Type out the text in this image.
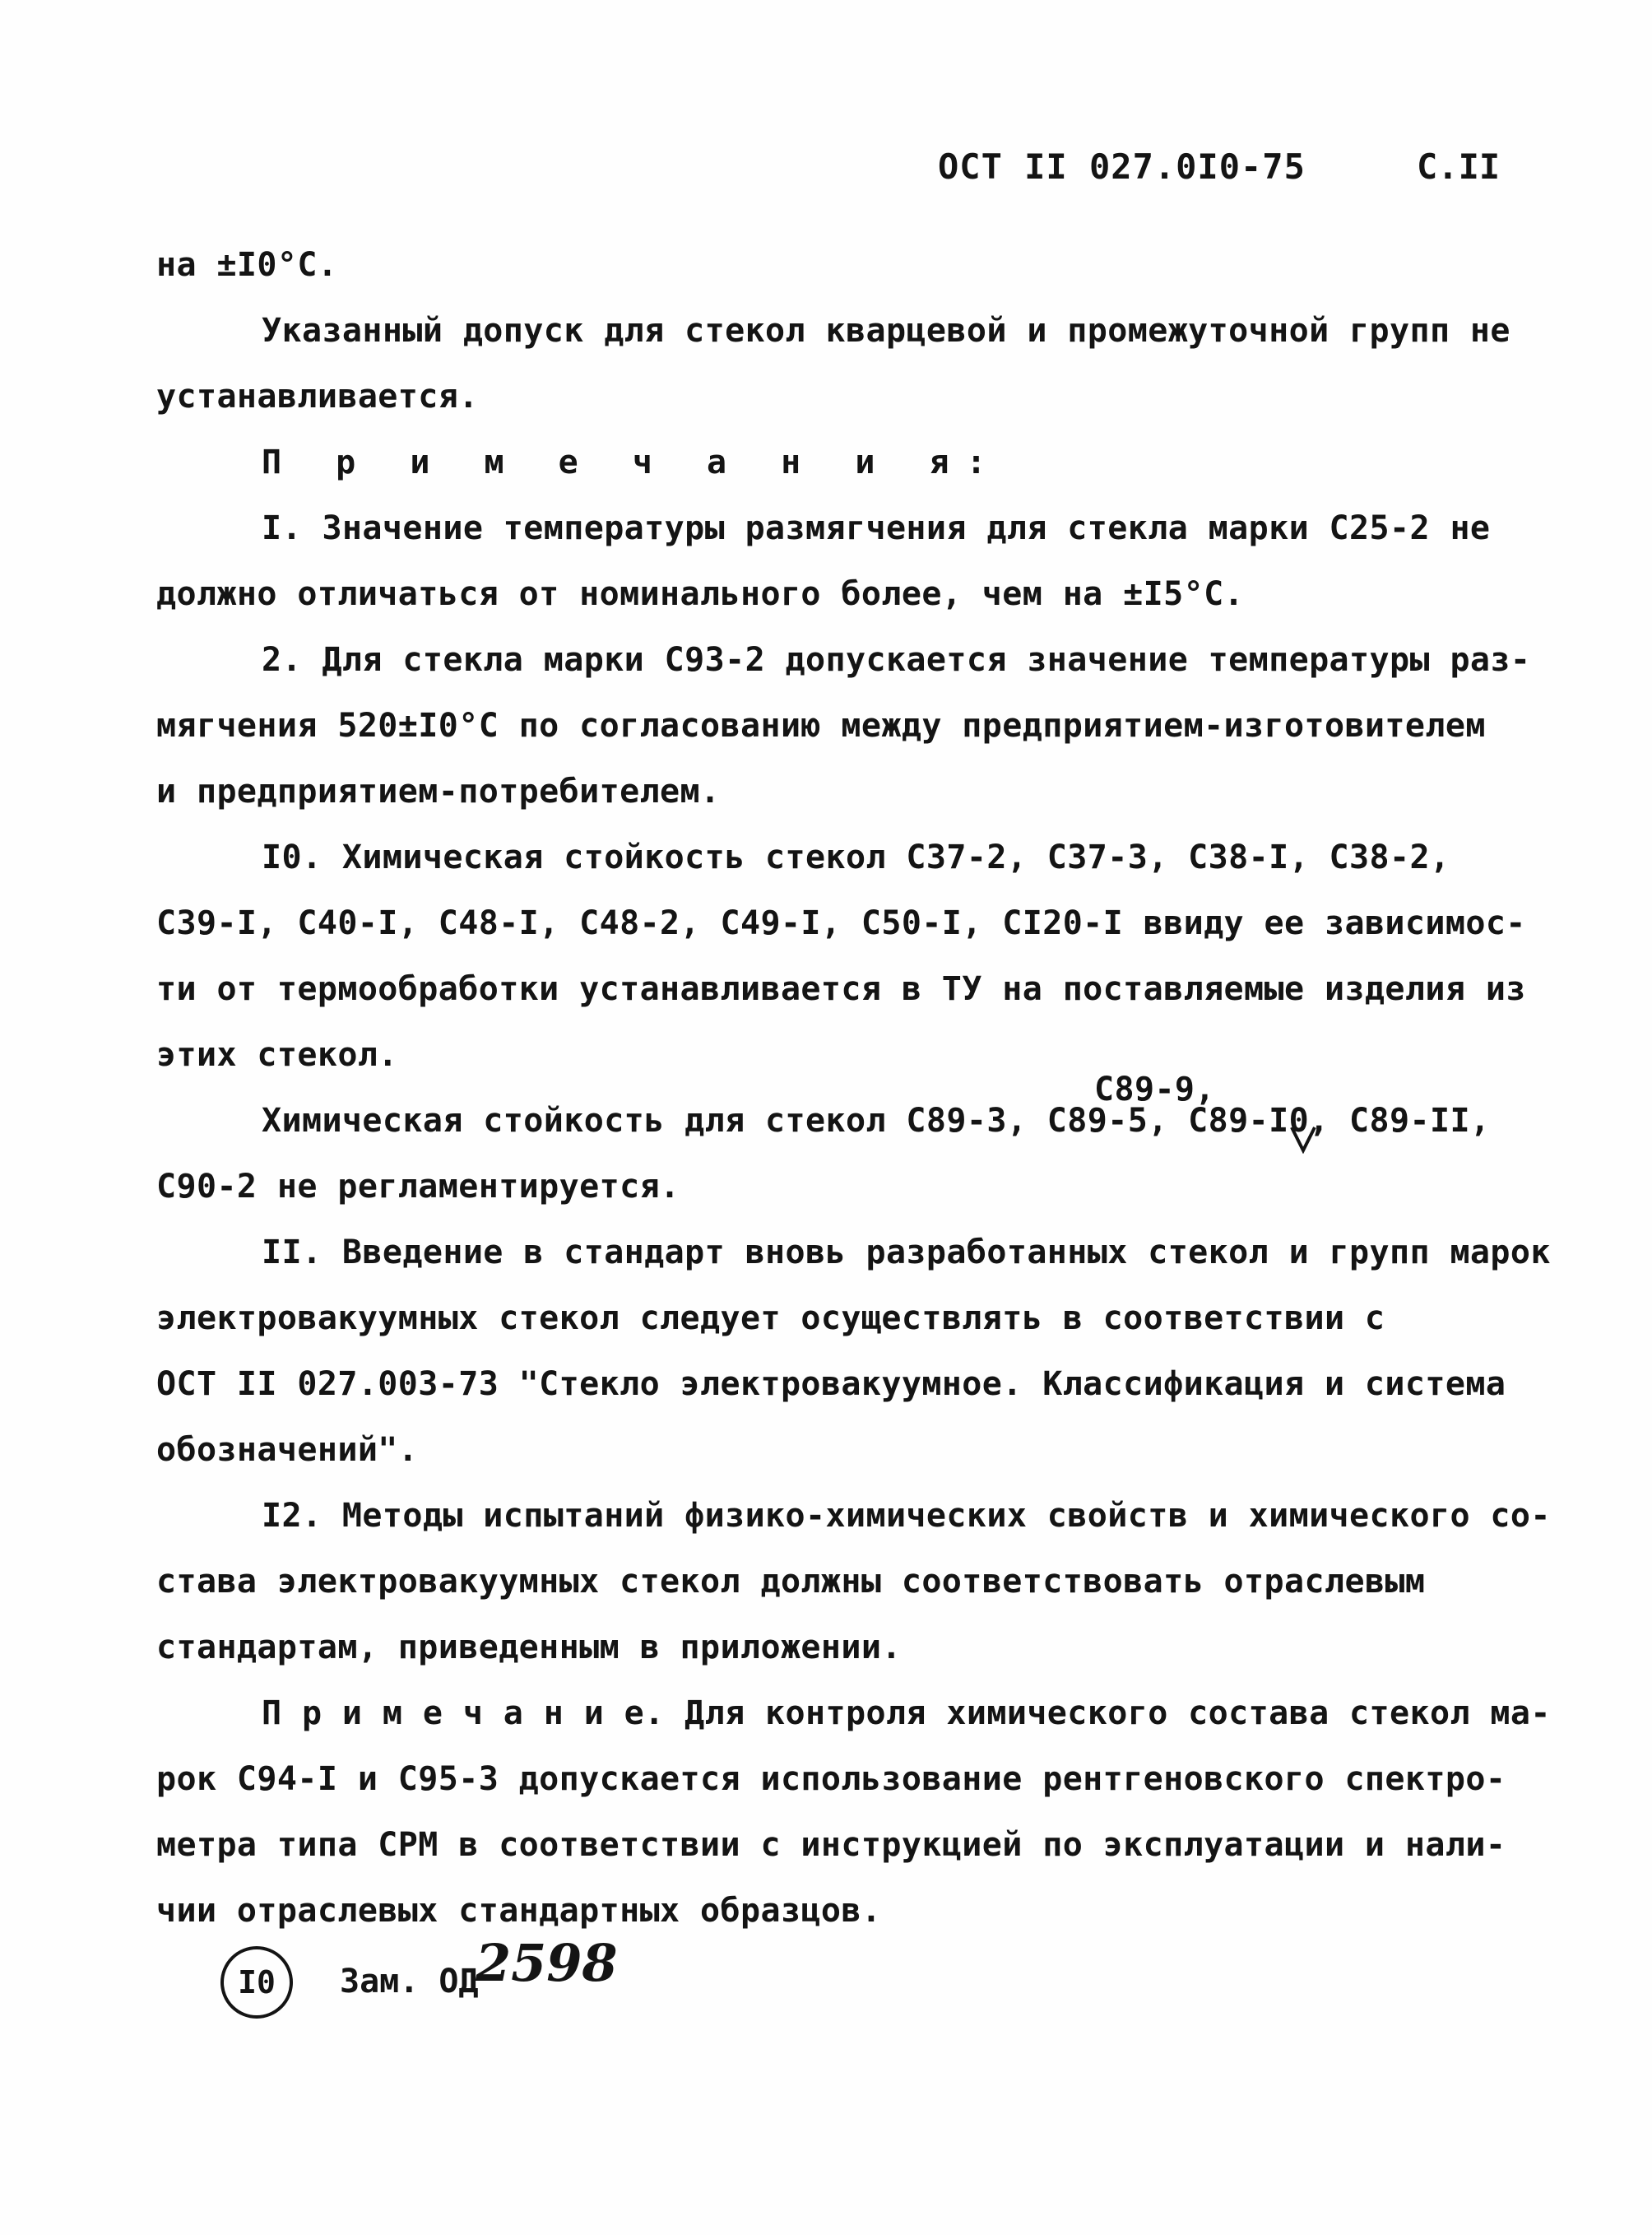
ОСТ II 027.0I0-75	С.II
на ±I0°С.
Указанный допуск для стекол кварцевой и промежуточной групп не
устанавливается.
П р и м е ч а н и я:
I. Значение температуры размягчения для стекла марки С25-2 не
должно отличаться от номинального более, чем на ±I5°С.
2. Для стекла марки С93-2 допускается значение температуры раз-
мягчения 520±I0°С по согласованию между предприятием-изготовителем
и предприятием-потребителем.
I0. Химическая стойкость стекол С37-2, С37-3, С38-I, С38-2,
С39-I, С40-I, С48-I, С48-2, С49-I, С50-I, СI20-I ввиду ее зависимос-
ти от термообработки устанавливается в ТУ на поставляемые изделия из
этих стекол.
Химическая стойкость для стекол С89-3, С89-5, С89-I0, С89-II,
С89-9,
С90-2 не регламентируется.
II. Введение в стандарт вновь разработанных стекол и групп марок
электровакуумных стекол следует осуществлять в соответствии с
ОСТ II 027.003-73 "Стекло электровакуумное. Классификация и система
обозначений".
I2. Методы испытаний физико-химических свойств и химического со-
става электровакуумных стекол должны соответствовать отраслевым
стандартам, приведенным в приложении.
П р и м е ч а н и е. Для контроля химического состава стекол ма-
рок С94-I и С95-3 допускается использование рентгеновского спектро-
метра типа СРМ в соответствии с инструкцией по эксплуатации и нали-
чии отраслевых стандартных образцов.
I0	Зам. ОД
2598
